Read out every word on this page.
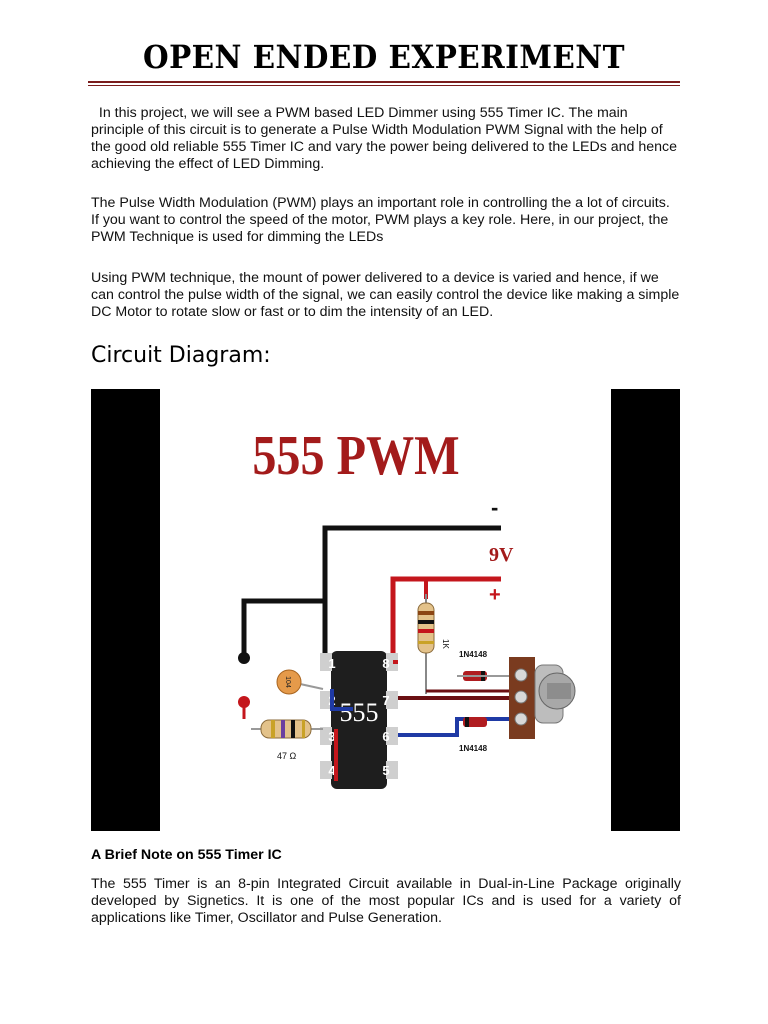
OPEN ENDED EXPERIMENT

In this project, we will see a PWM based LED Dimmer using 555 Timer IC. The main principle of this circuit is to generate a Pulse Width Modulation PWM Signal with the help of the good old reliable 555 Timer IC and vary the power being delivered to the LEDs and hence achieving the effect of LED Dimming.

The Pulse Width Modulation (PWM) plays an important role in controlling the a lot of circuits. If you want to control the speed of the motor, PWM plays a key role. Here, in our project, the PWM Technique is used for dimming the LEDs

Using PWM technique, the mount of power delivered to a device is varied and hence, if we can control the pulse width of the signal, we can easily control the device like making a simple DC Motor to rotate slow or fast or to dim the intensity of an LED.

Circuit Diagram:
555 PWM
-
9V
+
1K
555
1
2
3
4
8
7
6
5
104
47 Ω
1N4148
1N4148
A Brief Note on 555 Timer IC

The 555 Timer is an 8-pin Integrated Circuit available in Dual-in-Line Package originally developed by Signetics. It is one of the most popular ICs and is used for a variety of applications like Timer, Oscillator and Pulse Generation.
